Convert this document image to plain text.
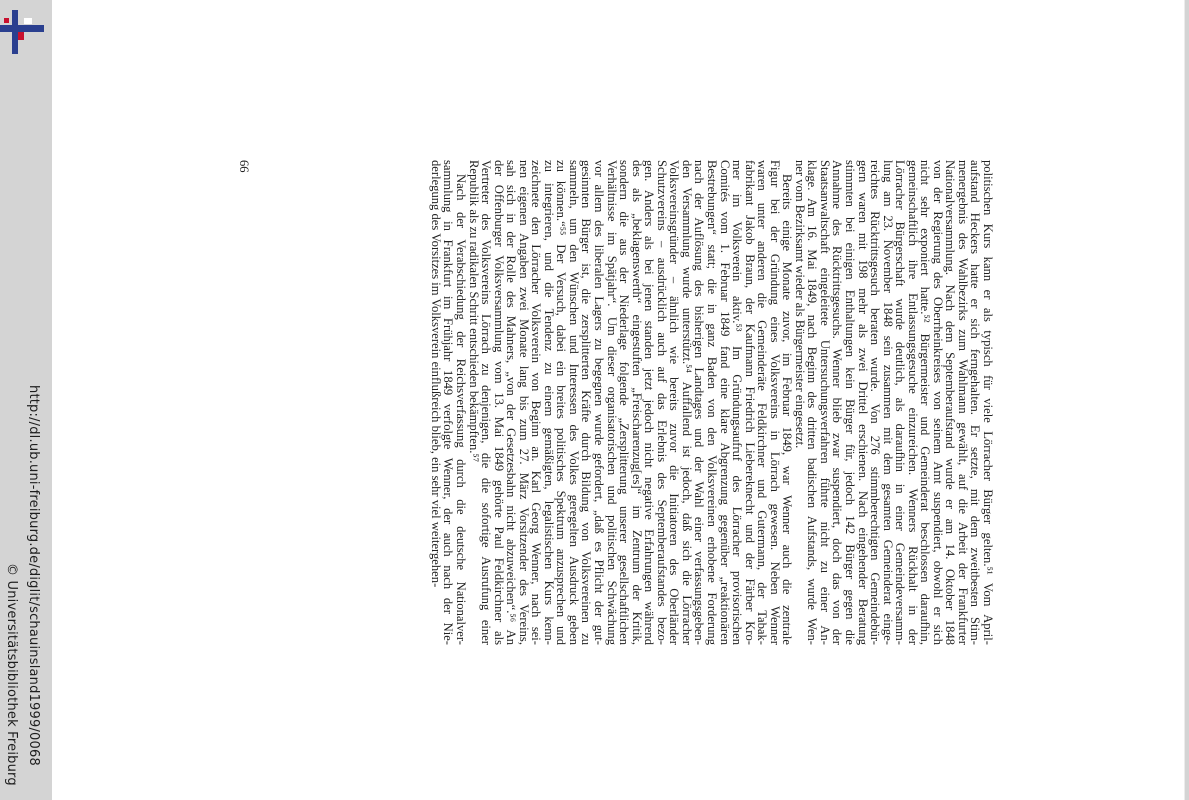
http://dl.ub.uni-freiburg.de/diglit/schauinsland1999/0068
© Universitätsbibliothek Freiburg
politischen Kurs kann er als typisch für viele Lörracher Bürger gelten.⁵¹ Vom April-
aufstand Heckers hatte er sich ferngehalten. Er setzte, mit dem zweitbesten Stim-
menergebnis des Wahlbezirks zum Wahlmann gewählt, auf die Arbeit der Frankfurter
Nationalversammlung. Nach dem Septemberaufstand wurde er am 14. Oktober 1848
von der Regierung des Oberrheinkreises von seinem Amt suspendiert, obwohl er sich
nicht sehr exponiert hatte.⁵² Bürgermeister und Gemeinderat beschlossen daraufhin,
gemeinschaftlich ihre Entlassungsgesuche einzureichen. Wenners Rückhalt in der
Lörracher Bürgerschaft wurde deutlich, als daraufhin in einer Gemeindeversamm-
lung am 23. November 1848 sein zusammen mit dem gesamten Gemeinderat einge-
reichtes Rücktrittsgesuch beraten wurde. Von 276 stimmberechtigten Gemeindebür-
gern waren mit 198 mehr als zwei Drittel erschienen. Nach eingehender Beratung
stimmten bei einigen Enthaltungen kein Bürger für, jedoch 142 Bürger gegen die
Annahme des Rücktrittsgesuchs. Wenner blieb zwar suspendiert, doch das von der
Staatsanwaltschaft eingeleitete Untersuchungsverfahren führte nicht zu einer An-
klage. Am 16. Mai 1849, nach Beginn des dritten badischen Aufstands, wurde Wen-
ner vom Bezirksamt wieder als Bürgermeister eingesetzt.
Bereits einige Monate zuvor, im Februar 1849, war Wenner auch die zentrale
Figur bei der Gründung eines Volksvereins in Lörrach gewesen. Neben Wenner
waren unter anderen die Gemeinderäte Feldkirchner und Gutermann, der Tabak-
fabrikant Jakob Braun, der Kaufmann Friedrich Liebereknecht und der Färber Kro-
mer im Volksverein aktiv.⁵³ Im Gründungsaufruf des Lörracher provisorischen
Comités vom 1. Februar 1849 fand eine klare Abgrenzung gegenüber „reaktionären
Bestrebungen“ statt; die in ganz Baden von den Volksvereinen erhobene Forderung
nach der Auflösung des bisherigen Landtages und der Wahl einer verfassungsgeben-
den Versammlung wurde unterstützt.⁵⁴ Auffallend ist jedoch, daß sich die Lörracher
Volksvereinsgründer – ähnlich wie bereits zuvor die Initiatoren des Oberländer
Schutzvereins – ausdrücklich auch auf das Erlebnis des Septemberaufstandes bezo-
gen. Anders als bei jenen standen jetzt jedoch nicht negative Erfahrungen während
des als „beklagenswerth“ eingestuften „Freischarenzug[es]“ im Zentrum der Kritik,
sondern die aus der Niederlage folgende „Zersplitterung unserer gesellschaftlichen
Verhältnisse im Spätjahr“. Um dieser organisatorischen und politischen Schwächung
vor allem des liberalen Lagers zu begegnen wurde gefordert, „daß es Pflicht der gut-
gesinnten Bürger ist, die zersplitterten Kräfte durch Bildung von Volksvereinen zu
sammeln, um den Wünschen und Interessen des Volkes geregelten Ausdruck geben
zu können.“⁵⁵ Der Versuch, dabei ein breites politisches Spektrum anzusprechen und
zu integrieren, und die Tendenz zu einem gemäßigten, legalistischen Kurs kenn-
zeichnete den Lörracher Volksverein von Beginn an. Karl Georg Wenner, nach sei-
nen eigenen Angaben zwei Monate lang bis zum 27. März Vorsitzender des Vereins,
sah sich in der Rolle des Mahners, „von der Gesetzesbahn nicht abzuweichen“.⁵⁶ An
der Offenburger Volksversammlung vom 13. Mai 1849 gehörte Paul Feldkirchner als
Vertreter des Volksvereins Lörrach zu denjenigen, die die sofortige Ausrufung einer
Republik als zu radikalen Schritt entschieden bekämpften.⁵⁷
Nach der Verabschiedung der Reichsverfassung durch die deutsche Nationalver-
sammlung in Frankfurt im Frühjahr 1849 verfolgte Wenner, der auch nach der Nie-
derlegung des Vorsitzes im Volksverein einflußreich blieb, ein sehr viel weitergehen-
66
